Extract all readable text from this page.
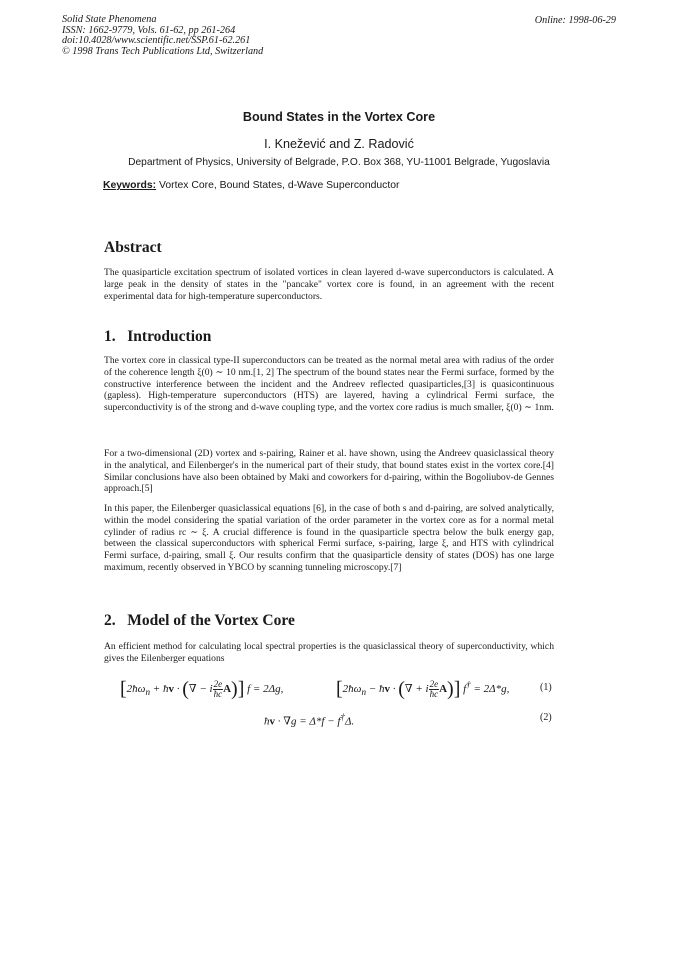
Solid State Phenomena
ISSN: 1662-9779, Vols. 61-62, pp 261-264
doi:10.4028/www.scientific.net/SSP.61-62.261
© 1998 Trans Tech Publications Ltd, Switzerland
Online: 1998-06-29
Bound States in the Vortex Core
I. Knežević and Z. Radović
Department of Physics, University of Belgrade, P.O. Box 368, YU-11001 Belgrade, Yugoslavia
Keywords: Vortex Core, Bound States, d-Wave Superconductor
Abstract

The quasiparticle excitation spectrum of isolated vortices in clean layered d-wave superconductors is calculated. A large peak in the density of states in the "pancake" vortex core is found, in an agreement with the recent experimental data for high-temperature superconductors.

1.   Introduction

The vortex core in classical type-II superconductors can be treated as the normal metal area with radius of the order of the coherence length ξ(0) ∼ 10 nm.[1, 2] The spectrum of the bound states near the Fermi surface, formed by the constructive interference between the incident and the Andreev reflected quasiparticles,[3] is quasicontinuous (gapless). High-temperature superconductors (HTS) are layered, having a cylindrical Fermi surface, the superconductivity is of the strong and d-wave coupling type, and the vortex core radius is much smaller, ξ(0) ∼ 1nm.

For a two-dimensional (2D) vortex and s-pairing, Rainer et al. have shown, using the Andreev quasiclassical theory in the analytical, and Eilenberger's in the numerical part of their study, that bound states exist in the vortex core.[4] Similar conclusions have also been obtained by Maki and coworkers for d-pairing, within the Bogoliubov-de Gennes approach.[5]

In this paper, the Eilenberger quasiclassical equations [6], in the case of both s and d-pairing, are solved analytically, within the model considering the spatial variation of the order parameter in the vortex core as for a normal metal cylinder of radius rc ∼ ξ. A crucial difference is found in the quasiparticle spectra below the bulk energy gap, between the classical superconductors with spherical Fermi surface, s-pairing, large ξ, and HTS with cylindrical Fermi surface, d-pairing, small ξ. Our results confirm that the quasiparticle density of states (DOS) has one large maximum, recently observed in YBCO by scanning tunneling microscopy.[7]

2.   Model of the Vortex Core

An efficient method for calculating local spectral properties is the quasiclassical theory of superconductivity, which gives the Eilenberger equations

[$2ħ\omega_n$ + ħv · (∇ − i $\frac{2e}{ħc} A$)] f = 2Δg,	[$2ħ\omega_n$ − ħv · (∇ + i $\frac{2e}{ħc} A$)] f† = 2Δ*g,	(1)
ħv · ∇g = Δ*f − f†Δ.	(2)
